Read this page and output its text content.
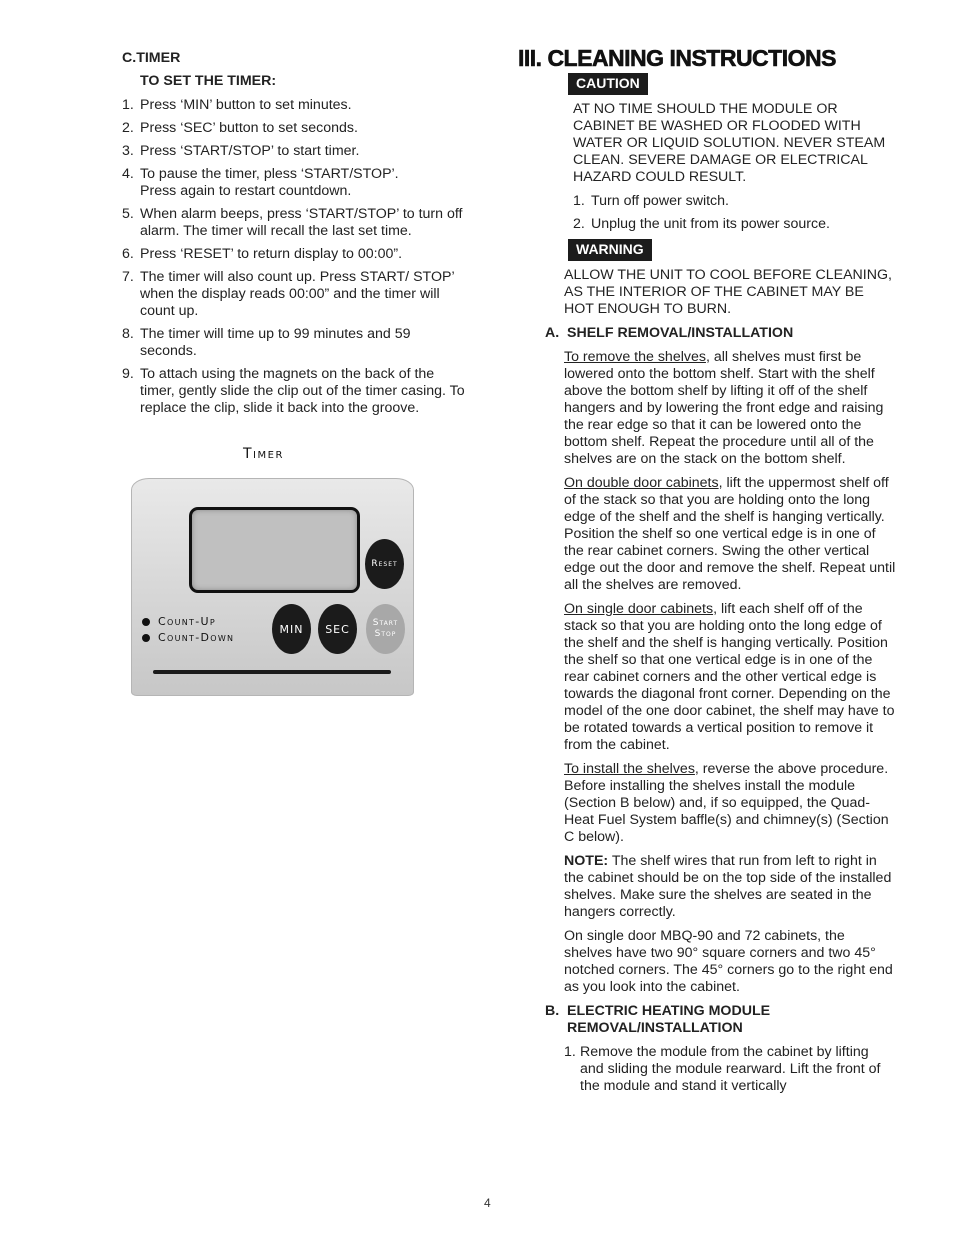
C.TIMER
TO SET THE TIMER:
1. Press ‘MIN’ button to set minutes.
2. Press ‘SEC’ button to set seconds.
3. Press ‘START/STOP’ to start timer.
4. To pause the timer, pless ‘START/STOP’. Press again to restart countdown.
5. When alarm beeps, press ‘START/STOP’ to turn off alarm. The timer will recall the last set time.
6. Press ‘RESET’ to return display to 00:00”.
7. The timer will also count up. Press START/ STOP’ when the display reads 00:00” and the timer will count up.
8. The timer will time up to 99 minutes and 59 seconds.
9. To attach using the magnets on the back of the timer, gently slide the clip out of the timer casing. To replace the clip, slide it back into the groove.
Timer
Reset
Count-Up
Count-Down
MIN SEC	Start
Stop
III. CLEANING INSTRUCTIONS
CAUTION
AT NO TIME SHOULD THE MODULE OR CABINET BE WASHED OR FLOODED WITH WATER OR LIQUID SOLUTION. NEVER STEAM CLEAN. SEVERE DAMAGE OR ELECTRICAL HAZARD COULD RESULT.
1. Turn off power switch.
2. Unplug the unit from its power source.
WARNING
ALLOW THE UNIT TO COOL BEFORE CLEANING, AS THE INTERIOR OF THE CABINET MAY BE HOT ENOUGH TO BURN.
A. SHELF REMOVAL/INSTALLATION

To remove the shelves, all shelves must first be lowered onto the bottom shelf. Start with the shelf above the bottom shelf by lifting it off of the shelf hangers and by lowering the front edge and raising the rear edge so that it can be lowered onto the bottom shelf. Repeat the procedure until all of the shelves are on the stack on the bottom shelf.

On double door cabinets, lift the uppermost shelf off of the stack so that you are holding onto the long edge of the shelf and the shelf is hanging vertically. Position the shelf so one vertical edge is in one of the rear cabinet corners. Swing the other vertical edge out the door and remove the shelf. Repeat until all the shelves are removed.

On single door cabinets, lift each shelf off of the stack so that you are holding onto the long edge of the shelf and the shelf is hanging vertically. Position the shelf so that one vertical edge is in one of the rear cabinet corners and the other vertical edge is towards the diagonal front corner. Depending on the model of the one door cabinet, the shelf may have to be rotated towards a vertical position to remove it from the cabinet.

To install the shelves, reverse the above procedure. Before installing the shelves install the module (Section B below) and, if so equipped, the Quad-Heat Fuel System baffle(s) and chimney(s) (Section C below).

NOTE: The shelf wires that run from left to right in the cabinet should be on the top side of the installed shelves. Make sure the shelves are seated in the hangers correctly.

On single door MBQ-90 and 72 cabinets, the shelves have two 90° square corners and two 45° notched corners. The 45° corners go to the right end as you look into the cabinet.

B. ELECTRIC HEATING MODULE
REMOVAL/INSTALLATION
1. Remove the module from the cabinet by lifting and sliding the module rearward. Lift the front of the module and stand it vertically
4
